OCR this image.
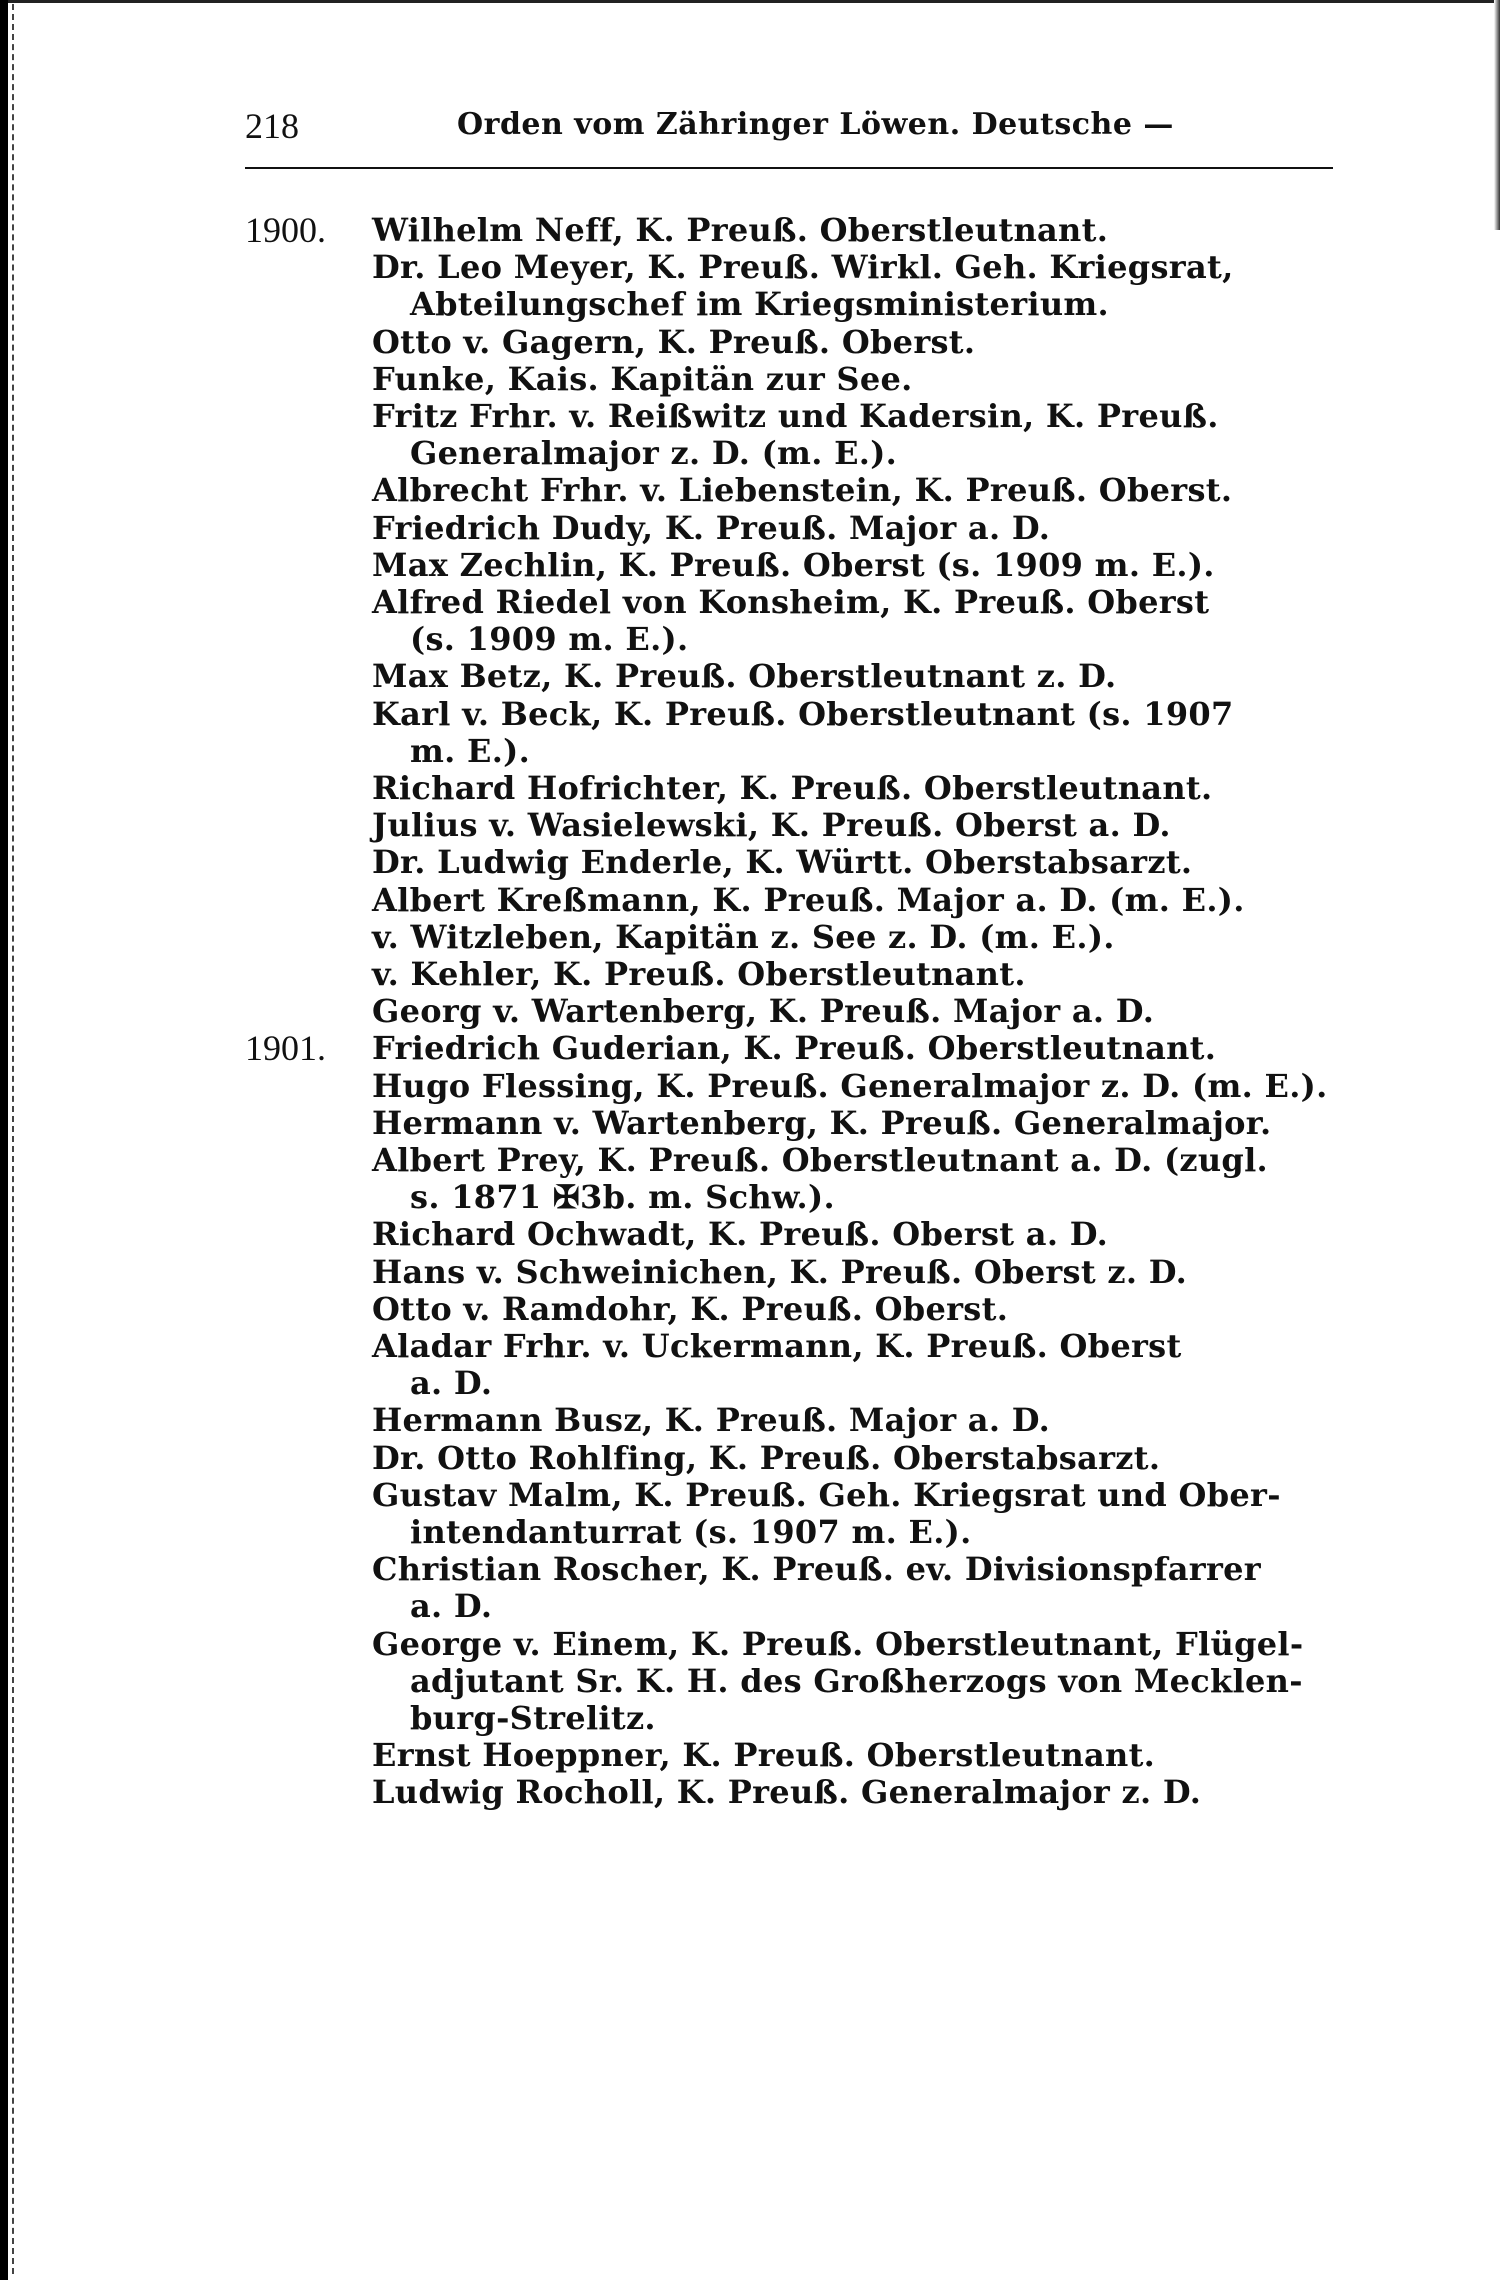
218	Orden vom Zähringer Löwen. Deutsche —
1900. Wilhelm Neff, K. Preuß. Oberstleutnant.
Dr. Leo Meyer, K. Preuß. Wirkl. Geh. Kriegsrat,
Abteilungschef im Kriegsministerium.
Otto v. Gagern, K. Preuß. Oberst.
Funke, Kais. Kapitän zur See.
Fritz Frhr. v. Reißwitz und Kadersin, K. Preuß.
Generalmajor z. D. (m. E.).
Albrecht Frhr. v. Liebenstein, K. Preuß. Oberst.
Friedrich Dudy, K. Preuß. Major a. D.
Max Zechlin, K. Preuß. Oberst (s. 1909 m. E.).
Alfred Riedel von Konsheim, K. Preuß. Oberst
(s. 1909 m. E.).
Max Betz, K. Preuß. Oberstleutnant z. D.
Karl v. Beck, K. Preuß. Oberstleutnant (s. 1907
m. E.).
Richard Hofrichter, K. Preuß. Oberstleutnant.
Julius v. Wasielewski, K. Preuß. Oberst a. D.
Dr. Ludwig Enderle, K. Württ. Oberstabsarzt.
Albert Kreßmann, K. Preuß. Major a. D. (m. E.).
v. Witzleben, Kapitän z. See z. D. (m. E.).
v. Kehler, K. Preuß. Oberstleutnant.
Georg v. Wartenberg, K. Preuß. Major a. D.
1901. Friedrich Guderian, K. Preuß. Oberstleutnant.
Hugo Flessing, K. Preuß. Generalmajor z. D. (m. E.).
Hermann v. Wartenberg, K. Preuß. Generalmajor.
Albert Prey, K. Preuß. Oberstleutnant a. D. (zugl.
s. 1871 ✠3b. m. Schw.).
Richard Ochwadt, K. Preuß. Oberst a. D.
Hans v. Schweinichen, K. Preuß. Oberst z. D.
Otto v. Ramdohr, K. Preuß. Oberst.
Aladar Frhr. v. Uckermann, K. Preuß. Oberst
a. D.
Hermann Busz, K. Preuß. Major a. D.
Dr. Otto Rohlfing, K. Preuß. Oberstabsarzt.
Gustav Malm, K. Preuß. Geh. Kriegsrat und Ober-
intendanturrat (s. 1907 m. E.).
Christian Roscher, K. Preuß. ev. Divisionspfarrer
a. D.
George v. Einem, K. Preuß. Oberstleutnant, Flügel-
adjutant Sr. K. H. des Großherzogs von Mecklen-
burg-Strelitz.
Ernst Hoeppner, K. Preuß. Oberstleutnant.
Ludwig Rocholl, K. Preuß. Generalmajor z. D.
